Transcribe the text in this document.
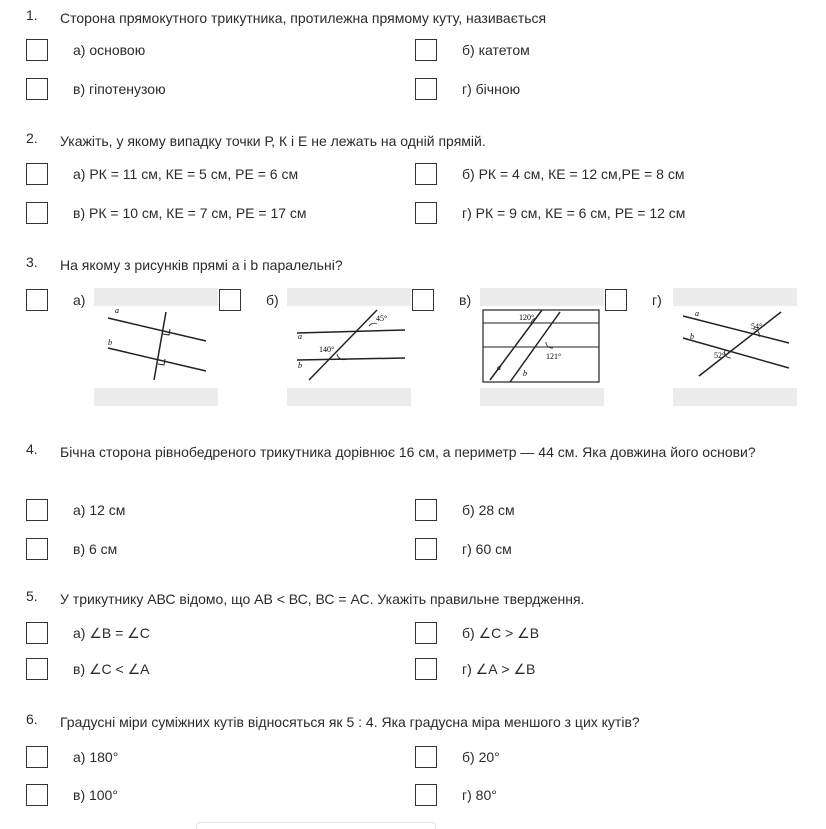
1. Сторона прямокутного трикутника, протилежна прямому куту, називається
а) основою	б) катетом
в) гіпотенузою	г) бічною
2. Укажіть, у якому випадку точки Р, К і Е не лежать на одній прямій.
а) РК = 11 см, КЕ = 5 см, РЕ = 6 см	б) РК = 4 см, КЕ = 12 см,РЕ = 8 см
в) РК = 10 см, КЕ = 7 см, РЕ = 17 см	г) РК = 9 см, КЕ = 6 см, РЕ = 12 см
3. На якому з рисунків прямі a і b паралельні?
а)
a
b
б)
45°
140°
a
b
в)
120°
121°
a
b
г)
54°
52°
a
b
4. Бічна сторона рівнобедреного трикутника дорівнює 16 см, а периметр — 44 см. Яка довжина його основи?
а) 12 см	б) 28 см
в) 6 см	г) 60 см
5. У трикутнику АВС відомо, що АВ < ВС, ВС = АС. Укажіть правильне твердження.
а) ∠В = ∠С	б) ∠С > ∠В
в) ∠С < ∠А	г) ∠А > ∠В
6. Градусні міри суміжних кутів відносяться як 5 : 4. Яка градусна міра меншого з цих кутів?
а) 180°	б) 20°
в) 100°	г) 80°
